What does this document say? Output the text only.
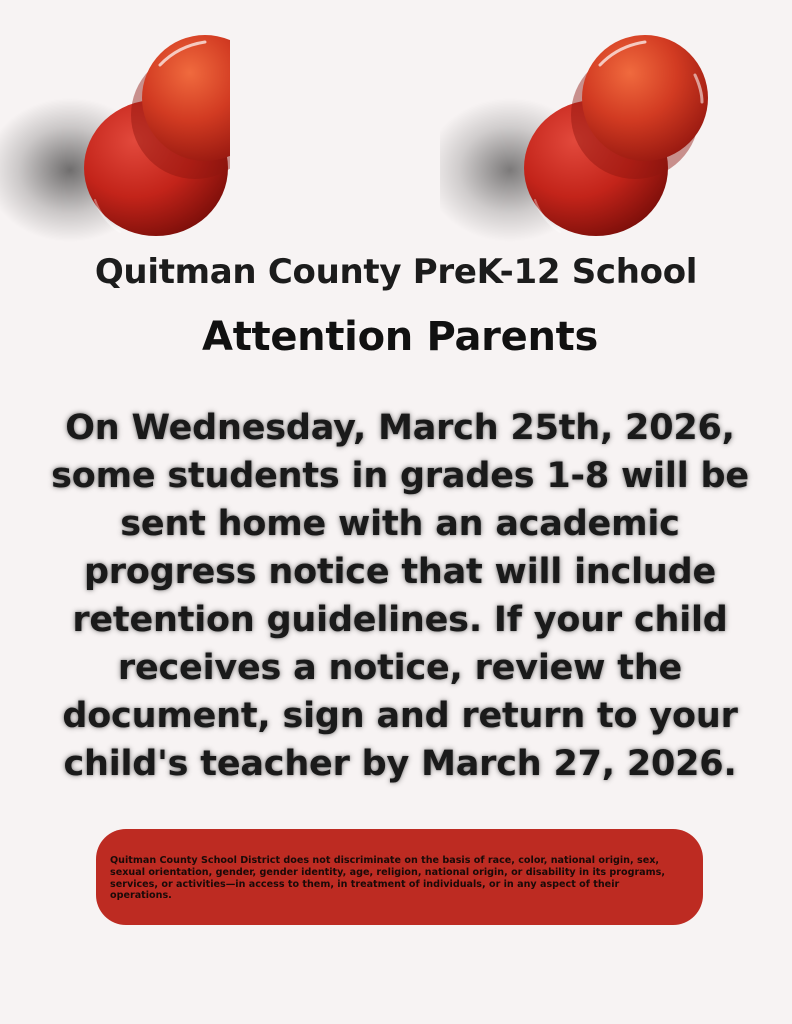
Quitman County PreK-12 School
Attention Parents
On Wednesday, March 25th, 2026, some students in grades 1-8 will be sent home with an academic progress notice that will include retention guidelines. If your child receives a notice, review the document, sign and return to your child's teacher by March 27, 2026.

Quitman County School District does not discriminate on the basis of race, color, national origin, sex, sexual orientation, gender, gender identity, age, religion, national origin, or disability in its programs, services, or activities—in access to them, in treatment of individuals, or in any aspect of their operations.
